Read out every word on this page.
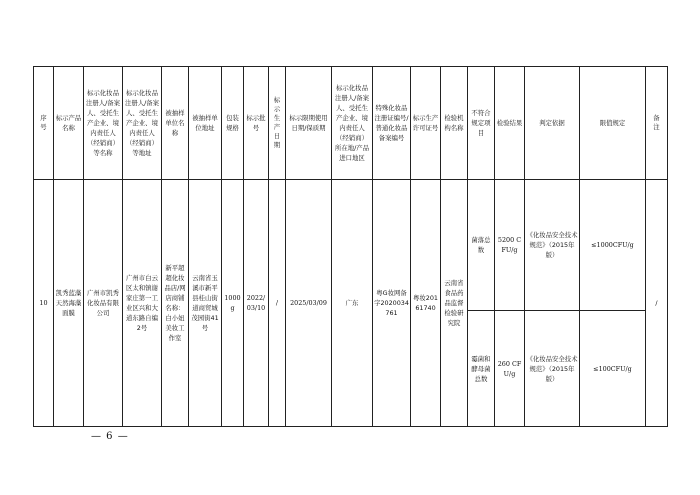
序号	标示产品名称	标示化妆品注册人/备案人、受托生产企业、境内责任人（经销商）等名称	标示化妆品注册人/备案人、受托生产企业、境内责任人（经销商）等地址	被抽样单位名称	被抽样单位地址	包装规格	标示批号	标示生产日期	标示限期使用日期/保质期	标示化妆品注册人/备案人、受托生产企业、境内责任人（经销商）所在地/产品进口地区	特殊化妆品注册证编号/普通化妆品备案编号	标示生产许可证号	检验机构名称	不符合规定项目	检验结果	判定依据	限值规定	备注
10	凯秀蓝藻天然海藻面膜	广州市凯秀化妆品有限公司	广州市白云区太和镇谢家庄第一工业区兴和大道东路自编2号	新平超超化妆品店/网店商铺名称：白小妞美妆工作室	云南省玉溪市新平县桂山街道商贸城茂园街41号	1000g	2022/03/10	/	2025/03/09	广东	粤G妆网备字2020034761	粤妆20161740	云南省食品药品监督检验研究院	菌落总数	5200 CFU/g	《化妆品安全技术规范》（2015年版）	≤1000CFU/g	/
														霉菌和酵母菌总数	260 CFU/g	《化妆品安全技术规范》（2015年版）	≤100CFU/g	
— 6 —
